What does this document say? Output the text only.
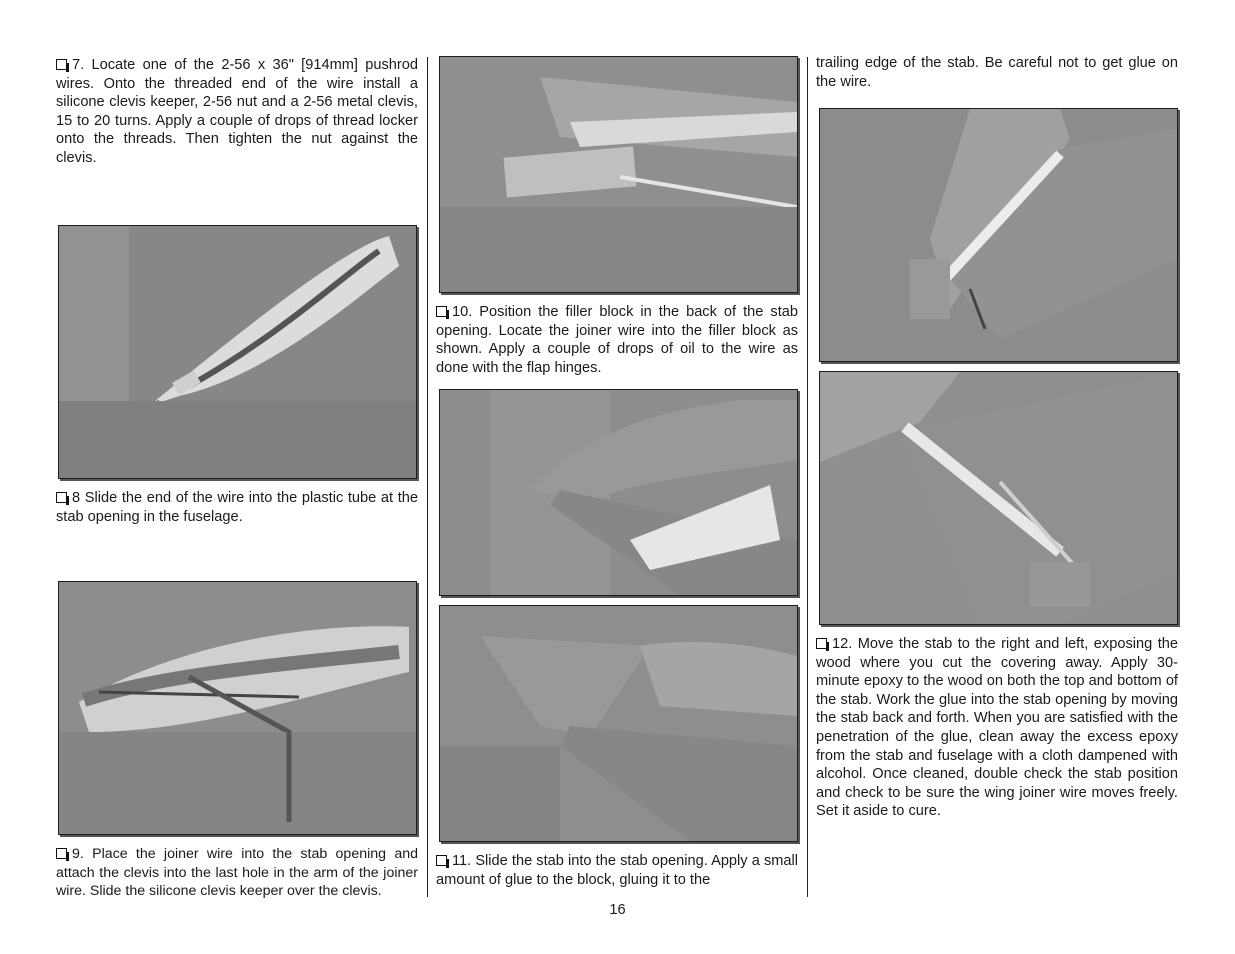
7. Locate one of the 2-56 x 36" [914mm] pushrod wires. Onto the threaded end of the wire install a silicone clevis keeper, 2-56 nut and a 2-56 metal clevis, 15 to 20 turns. Apply a couple of drops of thread locker onto the threads. Then tighten the nut against the clevis.

8 Slide the end of the wire into the plastic tube at the stab opening in the fuselage.

9. Place the joiner wire into the stab opening and attach the clevis into the last hole in the arm of the joiner wire. Slide the silicone clevis keeper over the clevis.

10. Position the filler block in the back of the stab opening. Locate the joiner wire into the filler block as shown. Apply a couple of drops of oil to the wire as done with the flap hinges.

11. Slide the stab into the stab opening. Apply a small amount of glue to the block, gluing it to the

trailing edge of the stab. Be careful not to get glue on the wire.

12. Move the stab to the right and left, exposing the wood where you cut the covering away. Apply 30-minute epoxy to the wood on both the top and bottom of the stab. Work the glue into the stab opening by moving the stab back and forth. When you are satisfied with the penetration of the glue, clean away the excess epoxy from the stab and fuselage with a cloth dampened with alcohol. Once cleaned, double check the stab position and check to be sure the wing joiner wire moves freely. Set it aside to cure.

16
